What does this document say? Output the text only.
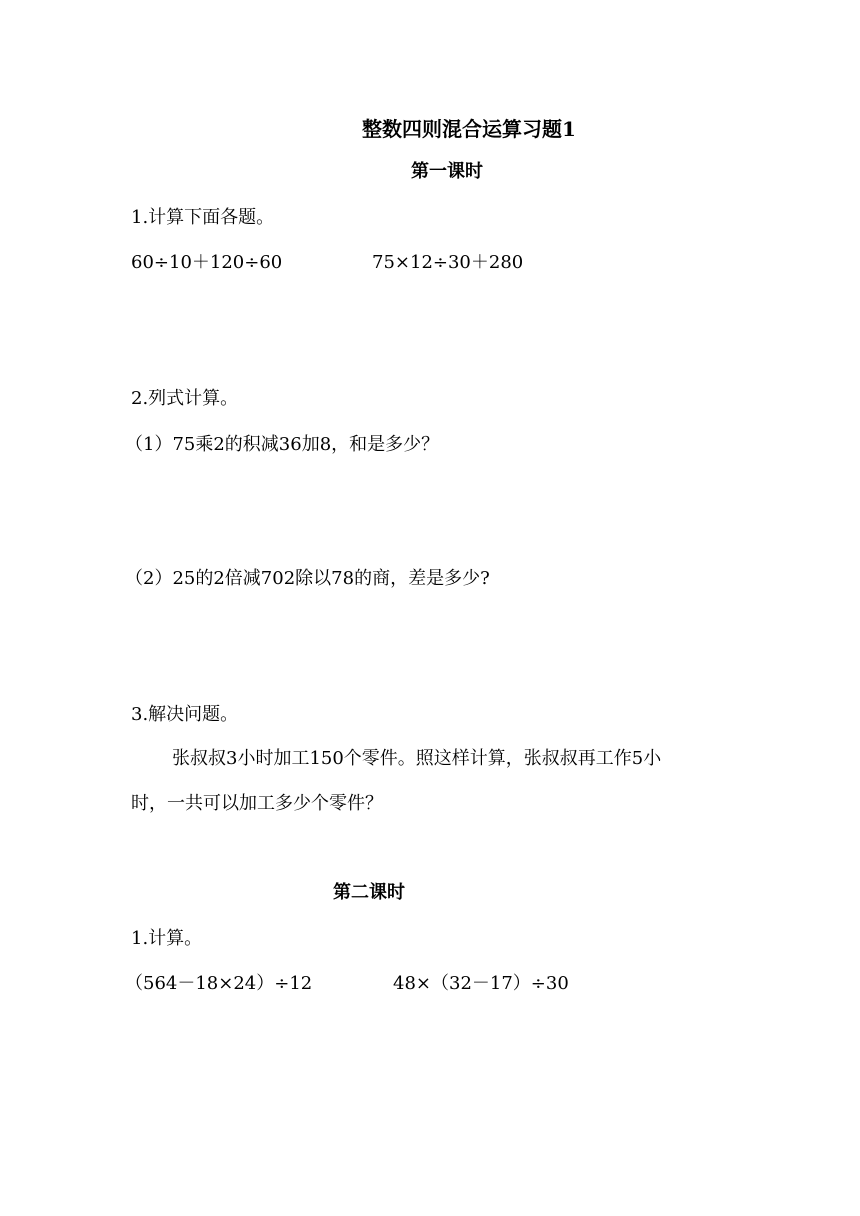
整数四则混合运算习题1
第一课时
1.计算下面各题。
60÷10＋120÷60	75×12÷30＋280
2.列式计算。
（1）75乘2的积减36加8，和是多少？
（2）25的2倍减702除以78的商，差是多少?
3.解决问题。
张叔叔3小时加工150个零件。照这样计算，张叔叔再工作5小
时，一共可以加工多少个零件？
第二课时
1.计算。
（564－18×24）÷12	48×（32－17）÷30
